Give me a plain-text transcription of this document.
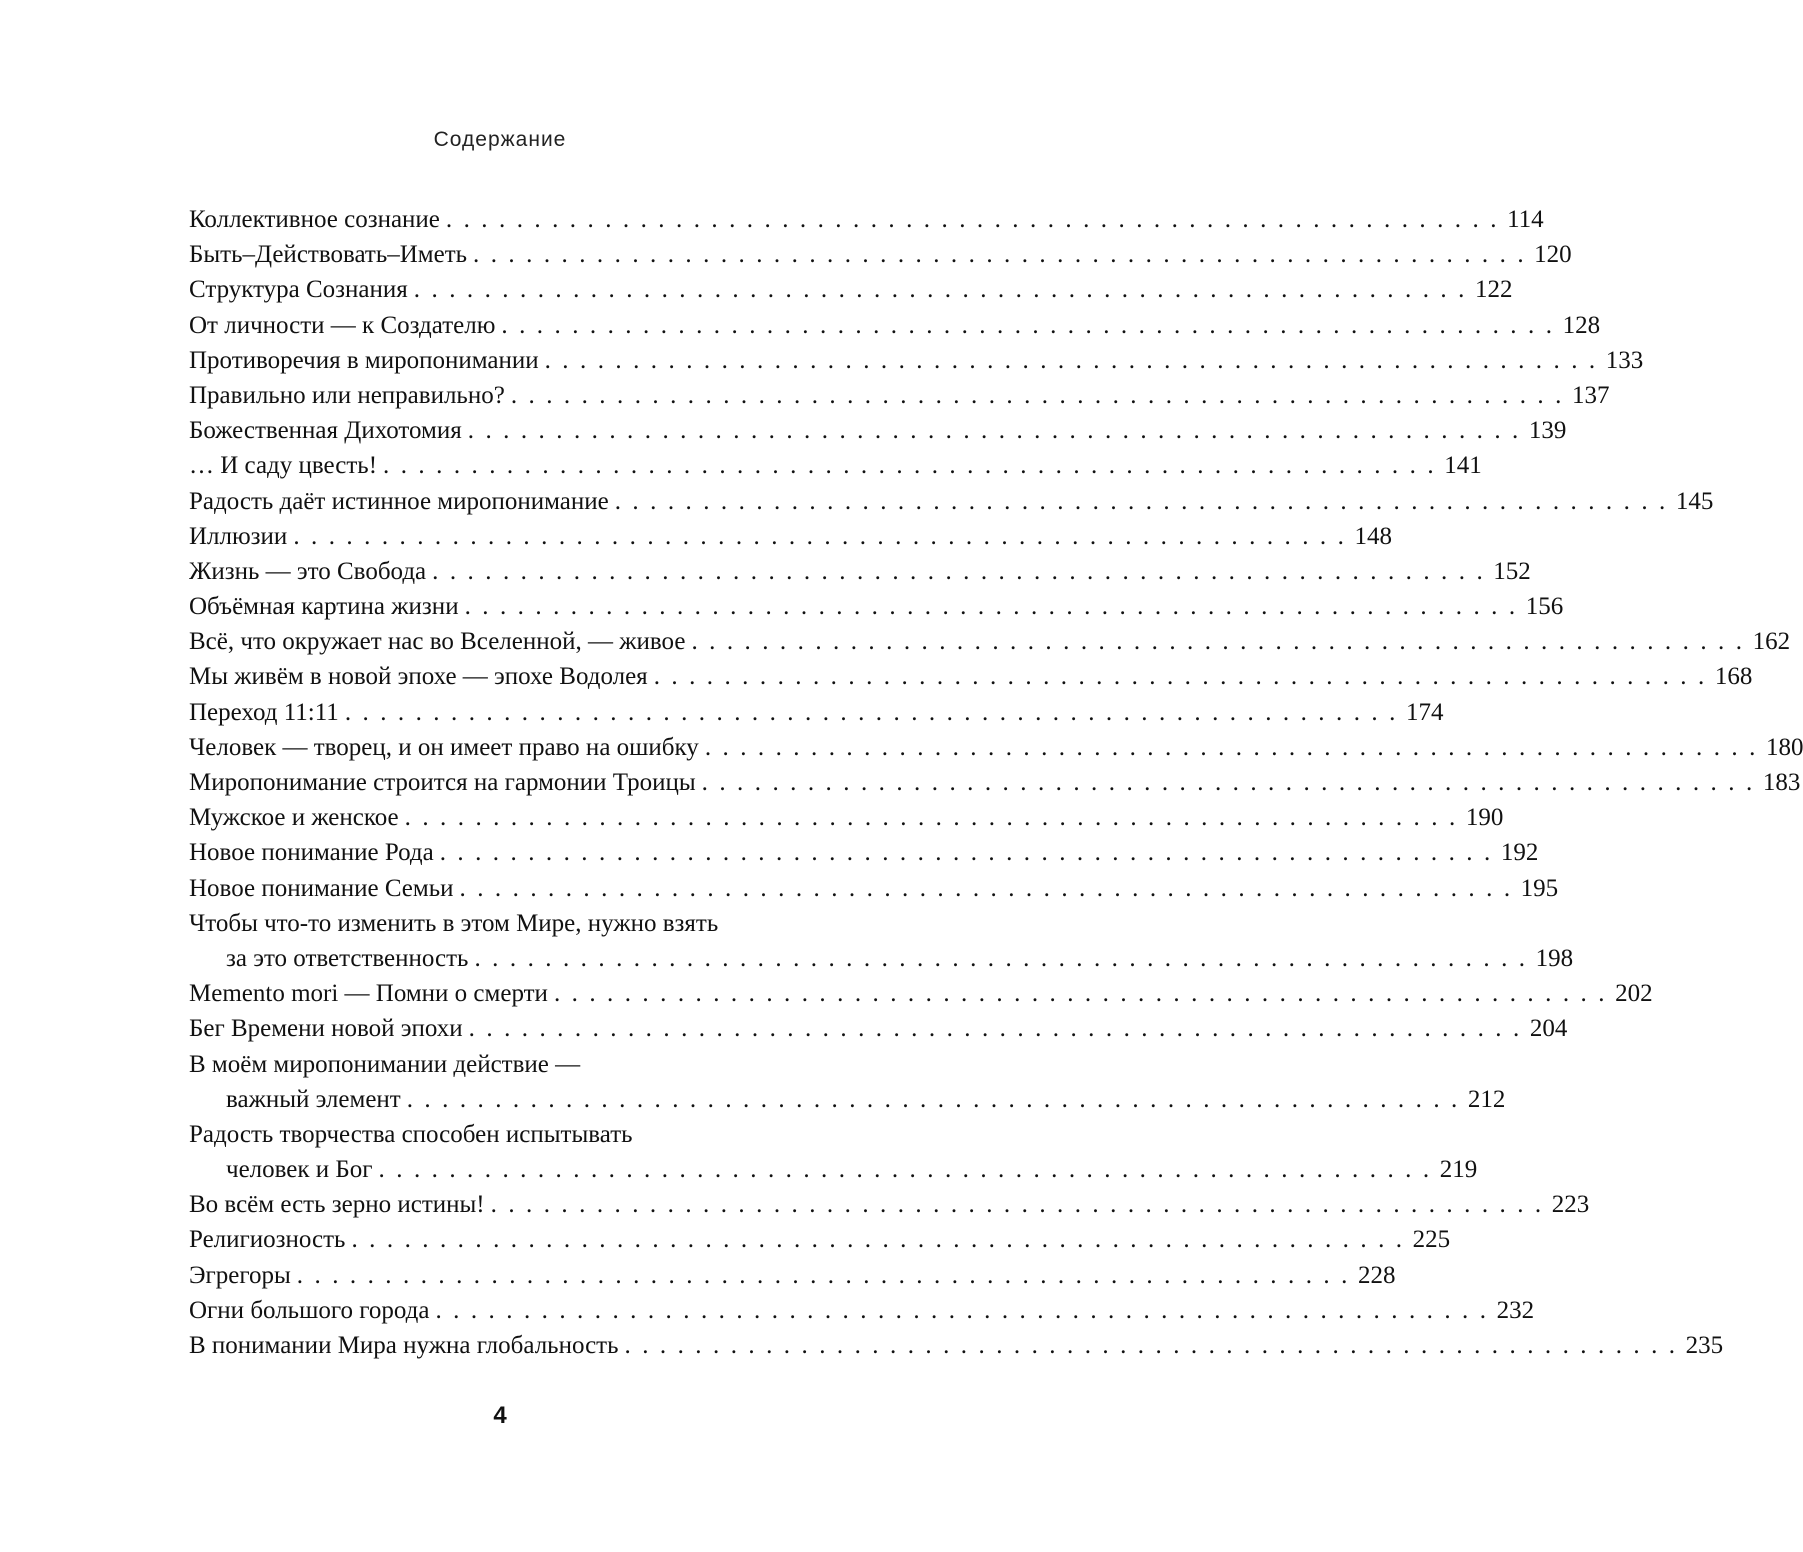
Содержание
Коллективное сознание . . . . . . . . . . . . . . . . . . . . . . . . . . . . . . . . . . . . . . . . . . . . . . . . . . . . . . . . . . . . 114
Быть–Действовать–Иметь . . . . . . . . . . . . . . . . . . . . . . . . . . . . . . . . . . . . . . . . . . . . . . . . . . . . . . . . . . . . 120
Структура Сознания . . . . . . . . . . . . . . . . . . . . . . . . . . . . . . . . . . . . . . . . . . . . . . . . . . . . . . . . . . . . 122
От личности — к Создателю . . . . . . . . . . . . . . . . . . . . . . . . . . . . . . . . . . . . . . . . . . . . . . . . . . . . . . . . . . . . 128
Противоречия в миропонимании . . . . . . . . . . . . . . . . . . . . . . . . . . . . . . . . . . . . . . . . . . . . . . . . . . . . . . . . . . . . 133
Правильно или неправильно? . . . . . . . . . . . . . . . . . . . . . . . . . . . . . . . . . . . . . . . . . . . . . . . . . . . . . . . . . . . . 137
Божественная Дихотомия . . . . . . . . . . . . . . . . . . . . . . . . . . . . . . . . . . . . . . . . . . . . . . . . . . . . . . . . . . . . 139
… И саду цвесть! . . . . . . . . . . . . . . . . . . . . . . . . . . . . . . . . . . . . . . . . . . . . . . . . . . . . . . . . . . . . 141
Радость даёт истинное миропонимание . . . . . . . . . . . . . . . . . . . . . . . . . . . . . . . . . . . . . . . . . . . . . . . . . . . . . . . . . . . . 145
Иллюзии . . . . . . . . . . . . . . . . . . . . . . . . . . . . . . . . . . . . . . . . . . . . . . . . . . . . . . . . . . . . 148
Жизнь — это Свобода . . . . . . . . . . . . . . . . . . . . . . . . . . . . . . . . . . . . . . . . . . . . . . . . . . . . . . . . . . . . 152
Объёмная картина жизни . . . . . . . . . . . . . . . . . . . . . . . . . . . . . . . . . . . . . . . . . . . . . . . . . . . . . . . . . . . . 156
Всё, что окружает нас во Вселенной, — живое . . . . . . . . . . . . . . . . . . . . . . . . . . . . . . . . . . . . . . . . . . . . . . . . . . . . . . . . . . . . 162
Мы живём в новой эпохе — эпохе Водолея . . . . . . . . . . . . . . . . . . . . . . . . . . . . . . . . . . . . . . . . . . . . . . . . . . . . . . . . . . . . 168
Переход 11:11 . . . . . . . . . . . . . . . . . . . . . . . . . . . . . . . . . . . . . . . . . . . . . . . . . . . . . . . . . . . . 174
Человек — творец, и он имеет право на ошибку . . . . . . . . . . . . . . . . . . . . . . . . . . . . . . . . . . . . . . . . . . . . . . . . . . . . . . . . . . . . 180
Миропонимание строится на гармонии Троицы . . . . . . . . . . . . . . . . . . . . . . . . . . . . . . . . . . . . . . . . . . . . . . . . . . . . . . . . . . . . 183
Мужское и женское . . . . . . . . . . . . . . . . . . . . . . . . . . . . . . . . . . . . . . . . . . . . . . . . . . . . . . . . . . . . 190
Новое понимание Рода . . . . . . . . . . . . . . . . . . . . . . . . . . . . . . . . . . . . . . . . . . . . . . . . . . . . . . . . . . . . 192
Новое понимание Семьи . . . . . . . . . . . . . . . . . . . . . . . . . . . . . . . . . . . . . . . . . . . . . . . . . . . . . . . . . . . . 195
Чтобы что-то изменить в этом Мире, нужно взять
за это ответственность . . . . . . . . . . . . . . . . . . . . . . . . . . . . . . . . . . . . . . . . . . . . . . . . . . . . . . . . . . . . 198
Memento mori — Помни о смерти . . . . . . . . . . . . . . . . . . . . . . . . . . . . . . . . . . . . . . . . . . . . . . . . . . . . . . . . . . . . 202
Бег Времени новой эпохи . . . . . . . . . . . . . . . . . . . . . . . . . . . . . . . . . . . . . . . . . . . . . . . . . . . . . . . . . . . . 204
В моём миропонимании действие —
важный элемент . . . . . . . . . . . . . . . . . . . . . . . . . . . . . . . . . . . . . . . . . . . . . . . . . . . . . . . . . . . . 212
Радость творчества способен испытывать
человек и Бог . . . . . . . . . . . . . . . . . . . . . . . . . . . . . . . . . . . . . . . . . . . . . . . . . . . . . . . . . . . . 219
Во всём есть зерно истины! . . . . . . . . . . . . . . . . . . . . . . . . . . . . . . . . . . . . . . . . . . . . . . . . . . . . . . . . . . . . 223
Религиозность . . . . . . . . . . . . . . . . . . . . . . . . . . . . . . . . . . . . . . . . . . . . . . . . . . . . . . . . . . . . 225
Эгрегоры . . . . . . . . . . . . . . . . . . . . . . . . . . . . . . . . . . . . . . . . . . . . . . . . . . . . . . . . . . . . 228
Огни большого города . . . . . . . . . . . . . . . . . . . . . . . . . . . . . . . . . . . . . . . . . . . . . . . . . . . . . . . . . . . . 232
В понимании Мира нужна глобальность . . . . . . . . . . . . . . . . . . . . . . . . . . . . . . . . . . . . . . . . . . . . . . . . . . . . . . . . . . . . 235
4
